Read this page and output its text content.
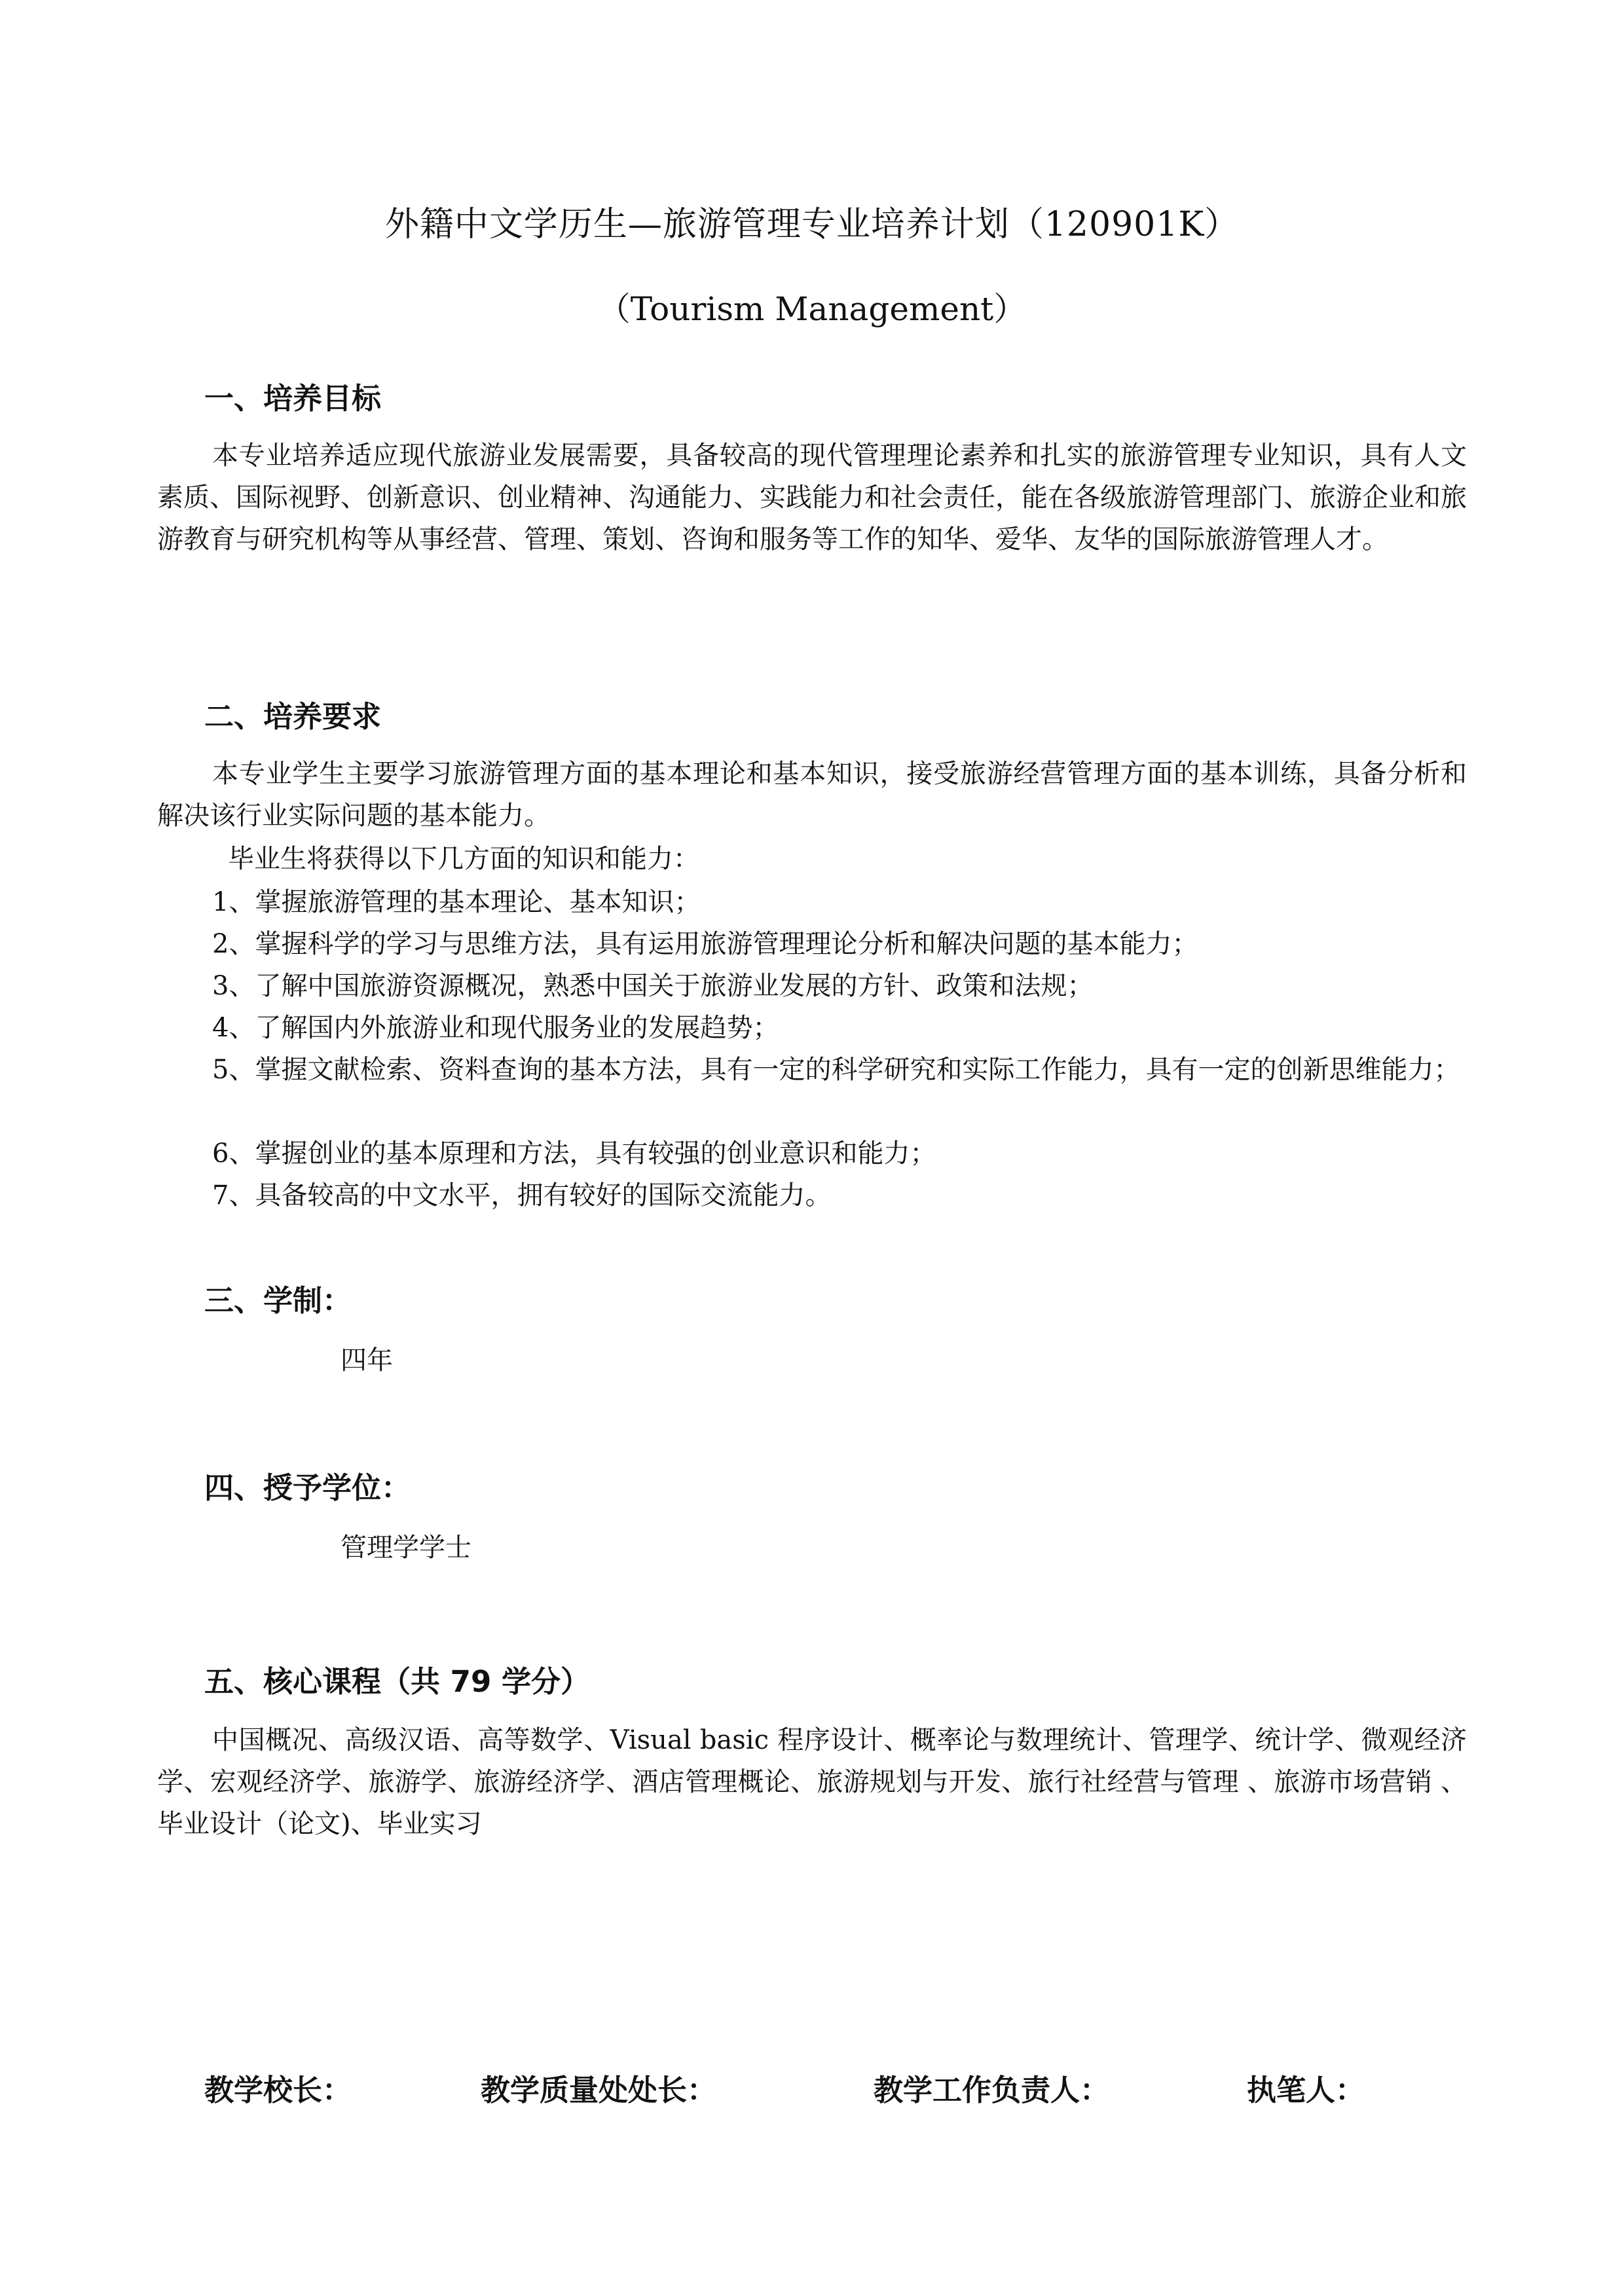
外籍中文学历生—旅游管理专业培养计划（120901K）
（Tourism Management）
一、培养目标

本专业培养适应现代旅游业发展需要，具备较高的现代管理理论素养和扎实的旅游管理专业知识，具有人文素质、国际视野、创新意识、创业精神、沟通能力、实践能力和社会责任，能在各级旅游管理部门、旅游企业和旅游教育与研究机构等从事经营、管理、策划、咨询和服务等工作的知华、爱华、友华的国际旅游管理人才。

二、培养要求

本专业学生主要学习旅游管理方面的基本理论和基本知识，接受旅游经营管理方面的基本训练，具备分析和解决该行业实际问题的基本能力。

毕业生将获得以下几方面的知识和能力：
1、掌握旅游管理的基本理论、基本知识；
2、掌握科学的学习与思维方法，具有运用旅游管理理论分析和解决问题的基本能力；
3、了解中国旅游资源概况，熟悉中国关于旅游业发展的方针、政策和法规；
4、了解国内外旅游业和现代服务业的发展趋势；

5、掌握文献检索、资料查询的基本方法，具有一定的科学研究和实际工作能力，具有一定的创新思维能力；

6、掌握创业的基本原理和方法，具有较强的创业意识和能力；
7、具备较高的中文水平，拥有较好的国际交流能力。
三、学制：
四年
四、授予学位：
管理学学士
五、核心课程（共 79 学分）

中国概况、高级汉语、高等数学、Visual basic 程序设计、概率论与数理统计、管理学、统计学、微观经济学、宏观经济学、旅游学、旅游经济学、酒店管理概论、旅游规划与开发、旅行社经营与管理 、旅游市场营销 、毕业设计（论文)、毕业实习

教学校长：	教学质量处处长：	教学工作负责人：	执笔人：
